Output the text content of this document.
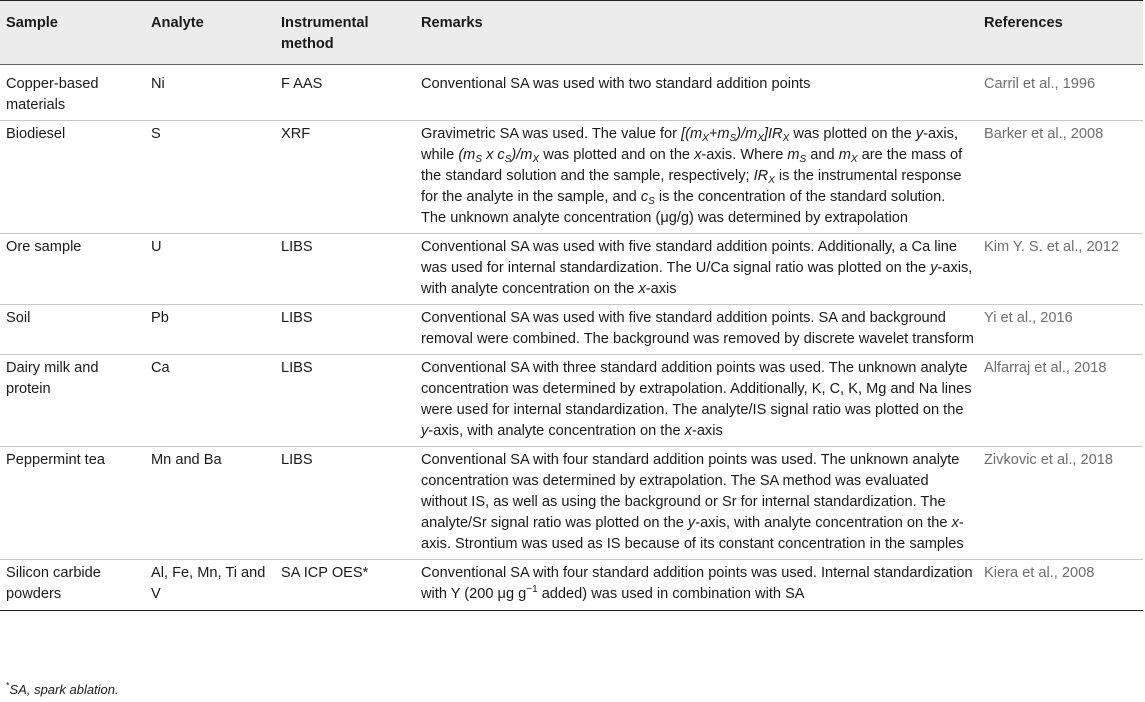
Sample	Analyte	Instrumental method	Remarks	References
Copper-based materials	Ni	F AAS	Conventional SA was used with two standard addition points	Carril et al., 1996
Biodiesel	S	XRF	Gravimetric SA was used. The value for $[(m_X+m_S)/m_X]IR_X$ was plotted on the y-axis, while ($m_S$ x $c_S)/m_X$ was plotted and on the x-axis. Where $m_S$ and $m_X$ are the mass of the standard solution and the sample, respectively; $IR_X$ is the instrumental response for the analyte in the sample, and $c_S$ is the concentration of the standard solution. The unknown analyte concentration (μg/g) was determined by extrapolation	Barker et al., 2008
Ore sample	U	LIBS	Conventional SA was used with five standard addition points. Additionally, a Ca line was used for internal standardization. The U/Ca signal ratio was plotted on the y-axis, with analyte concentration on the x-axis	Kim Y. S. et al., 2012
Soil	Pb	LIBS	Conventional SA was used with five standard addition points. SA and background removal were combined. The background was removed by discrete wavelet transform	Yi et al., 2016
Dairy milk and protein	Ca	LIBS	Conventional SA with three standard addition points was used. The unknown analyte concentration was determined by extrapolation. Additionally, K, C, K, Mg and Na lines were used for internal standardization. The analyte/IS signal ratio was plotted on the y-axis, with analyte concentration on the x-axis	Alfarraj et al., 2018
Peppermint tea	Mn and Ba	LIBS	Conventional SA with four standard addition points was used. The unknown analyte concentration was determined by extrapolation. The SA method was evaluated without IS, as well as using the background or Sr for internal standardization. The analyte/Sr signal ratio was plotted on the y-axis, with analyte concentration on the x-axis. Strontium was used as IS because of its constant concentration in the samples	Zivkovic et al., 2018
Silicon carbide powders	Al, Fe, Mn, Ti and V	SA ICP OES*	Conventional SA with four standard addition points was used. Internal standardization with Y (200 μg $g^{-1}$ added) was used in combination with SA	Kiera et al., 2008
*SA, spark ablation.
